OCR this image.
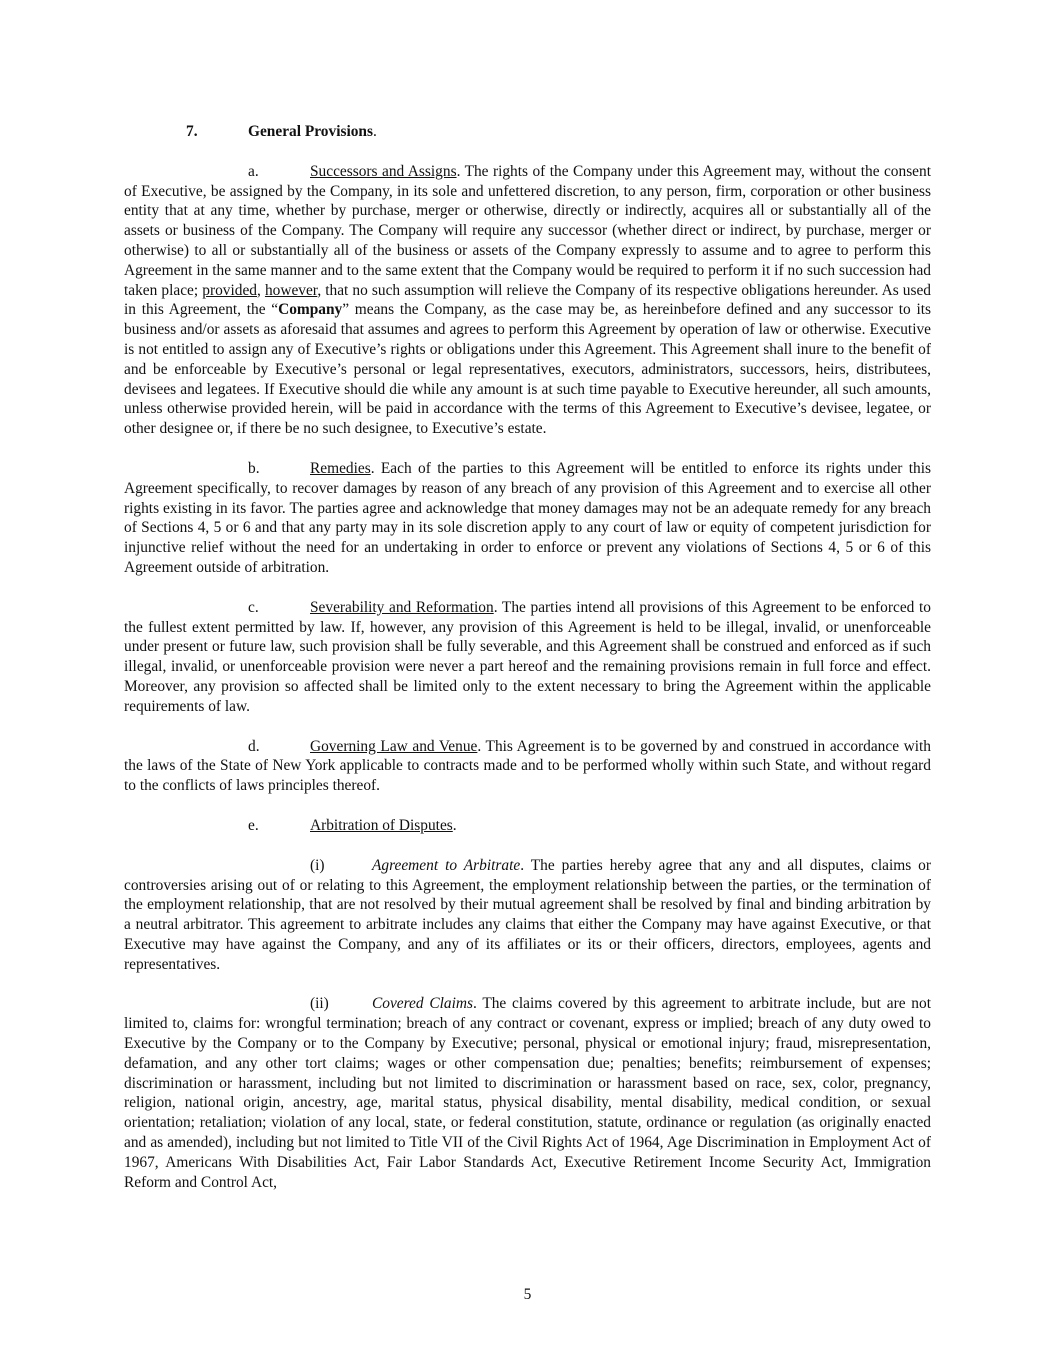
7.	General Provisions.

a.	Successors and Assigns. The rights of the Company under this Agreement may, without the consent of Executive, be assigned by the Company, in its sole and unfettered discretion, to any person, firm, corporation or other business entity that at any time, whether by purchase, merger or otherwise, directly or indirectly, acquires all or substantially all of the assets or business of the Company. The Company will require any successor (whether direct or indirect, by purchase, merger or otherwise) to all or substantially all of the business or assets of the Company expressly to assume and to agree to perform this Agreement in the same manner and to the same extent that the Company would be required to perform it if no such succession had taken place; provided, however, that no such assumption will relieve the Company of its respective obligations hereunder. As used in this Agreement, the “Company” means the Company, as the case may be, as hereinbefore defined and any successor to its business and/or assets as aforesaid that assumes and agrees to perform this Agreement by operation of law or otherwise. Executive is not entitled to assign any of Executive’s rights or obligations under this Agreement. This Agreement shall inure to the benefit of and be enforceable by Executive’s personal or legal representatives, executors, administrators, successors, heirs, distributees, devisees and legatees. If Executive should die while any amount is at such time payable to Executive hereunder, all such amounts, unless otherwise provided herein, will be paid in accordance with the terms of this Agreement to Executive’s devisee, legatee, or other designee or, if there be no such designee, to Executive’s estate.

b.	Remedies. Each of the parties to this Agreement will be entitled to enforce its rights under this Agreement specifically, to recover damages by reason of any breach of any provision of this Agreement and to exercise all other rights existing in its favor. The parties agree and acknowledge that money damages may not be an adequate remedy for any breach of Sections 4, 5 or 6 and that any party may in its sole discretion apply to any court of law or equity of competent jurisdiction for injunctive relief without the need for an undertaking in order to enforce or prevent any violations of Sections 4, 5 or 6 of this Agreement outside of arbitration.

c.	Severability and Reformation. The parties intend all provisions of this Agreement to be enforced to the fullest extent permitted by law. If, however, any provision of this Agreement is held to be illegal, invalid, or unenforceable under present or future law, such provision shall be fully severable, and this Agreement shall be construed and enforced as if such illegal, invalid, or unenforceable provision were never a part hereof and the remaining provisions remain in full force and effect. Moreover, any provision so affected shall be limited only to the extent necessary to bring the Agreement within the applicable requirements of law.

d.	Governing Law and Venue. This Agreement is to be governed by and construed in accordance with the laws of the State of New York applicable to contracts made and to be performed wholly within such State, and without regard to the conflicts of laws principles thereof.

e.	Arbitration of Disputes.

(i)	Agreement to Arbitrate. The parties hereby agree that any and all disputes, claims or controversies arising out of or relating to this Agreement, the employment relationship between the parties, or the termination of the employment relationship, that are not resolved by their mutual agreement shall be resolved by final and binding arbitration by a neutral arbitrator. This agreement to arbitrate includes any claims that either the Company may have against Executive, or that Executive may have against the Company, and any of its affiliates or its or their officers, directors, employees, agents and representatives.

(ii)	Covered Claims. The claims covered by this agreement to arbitrate include, but are not limited to, claims for: wrongful termination; breach of any contract or covenant, express or implied; breach of any duty owed to Executive by the Company or to the Company by Executive; personal, physical or emotional injury; fraud, misrepresentation, defamation, and any other tort claims; wages or other compensation due; penalties; benefits; reimbursement of expenses; discrimination or harassment, including but not limited to discrimination or harassment based on race, sex, color, pregnancy, religion, national origin, ancestry, age, marital status, physical disability, mental disability, medical condition, or sexual orientation; retaliation; violation of any local, state, or federal constitution, statute, ordinance or regulation (as originally enacted and as amended), including but not limited to Title VII of the Civil Rights Act of 1964, Age Discrimination in Employment Act of 1967, Americans With Disabilities Act, Fair Labor Standards Act, Executive Retirement Income Security Act, Immigration Reform and Control Act,

5
